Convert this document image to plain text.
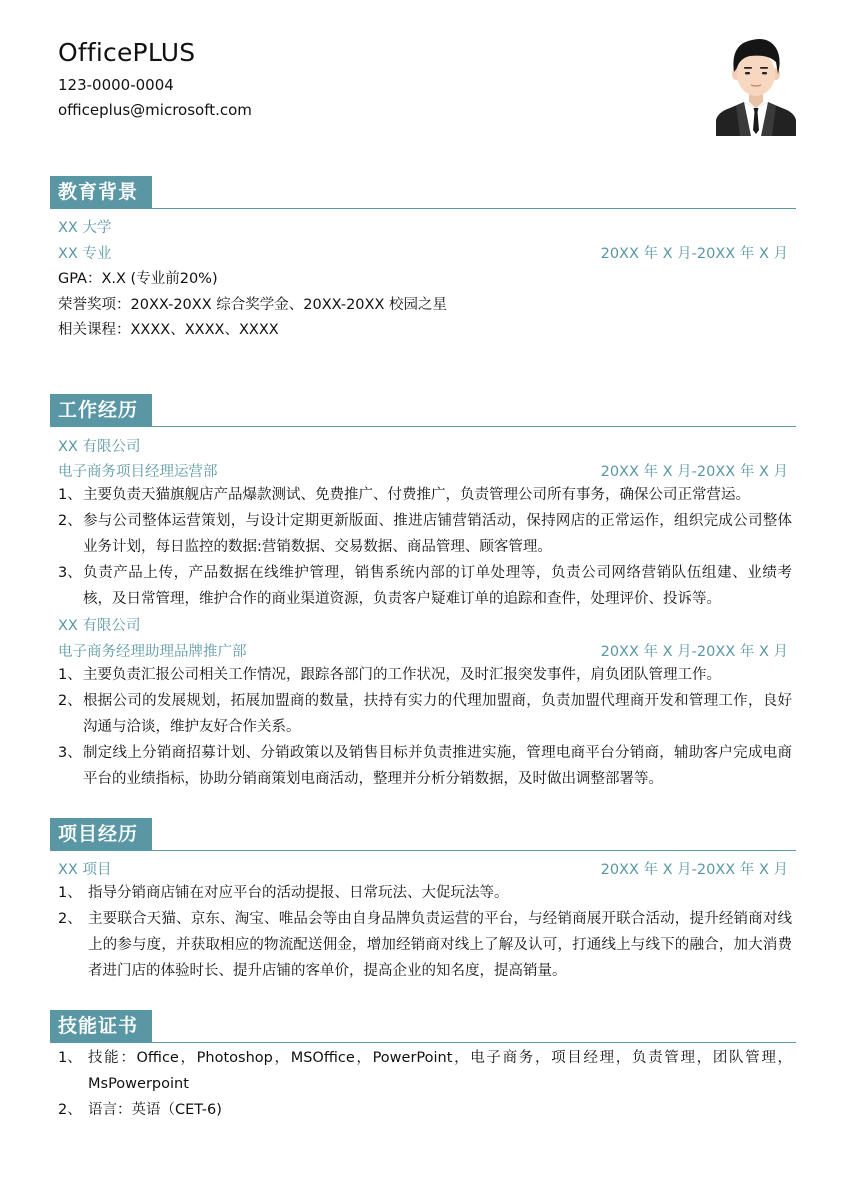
OfficePLUS
123-0000-0004
officeplus@microsoft.com
教育背景
XX 大学
XX 专业	20XX 年 X 月-20XX 年 X 月
GPA：X.X (专业前20%)
荣誉奖项：20XX-20XX 综合奖学金、20XX-20XX 校园之星
相关课程：XXXX、XXXX、XXXX
工作经历
XX 有限公司
电子商务项目经理运营部	20XX 年 X 月-20XX 年 X 月
1、 主要负责天猫旗舰店产品爆款测试、免费推广、付费推广，负责管理公司所有事务，确保公司正常营运。
2、 参与公司整体运营策划，与设计定期更新版面、推进店铺营销活动，保持网店的正常运作，组织完成公司整体业务计划，每日监控的数据:营销数据、交易数据、商品管理、顾客管理。
3、 负责产品上传，产品数据在线维护管理，销售系统内部的订单处理等，负责公司网络营销队伍组建、业绩考核，及日常管理，维护合作的商业渠道资源，负责客户疑难订单的追踪和查件，处理评价、投诉等。
XX 有限公司
电子商务经理助理品牌推广部	20XX 年 X 月-20XX 年 X 月
1、 主要负责汇报公司相关工作情况，跟踪各部门的工作状况，及时汇报突发事件，肩负团队管理工作。
2、 根据公司的发展规划，拓展加盟商的数量，扶持有实力的代理加盟商，负责加盟代理商开发和管理工作，良好沟通与洽谈，维护友好合作关系。
3、 制定线上分销商招募计划、分销政策以及销售目标并负责推进实施，管理电商平台分销商，辅助客户完成电商平台的业绩指标，协助分销商策划电商活动，整理并分析分销数据，及时做出调整部署等。
项目经历
XX 项目	20XX 年 X 月-20XX 年 X 月
1、 指导分销商店铺在对应平台的活动提报、日常玩法、大促玩法等。
2、 主要联合天猫、京东、淘宝、唯品会等由自身品牌负责运营的平台，与经销商展开联合活动，提升经销商对线上的参与度，并获取相应的物流配送佣金，增加经销商对线上了解及认可，打通线上与线下的融合，加大消费者进门店的体验时长、提升店铺的客单价，提高企业的知名度，提高销量。
技能证书
1、 技能：Office，Photoshop，MSOffice，PowerPoint，电子商务，项目经理，负责管理，团队管理，MsPowerpoint
2、 语言：英语（CET-6)
